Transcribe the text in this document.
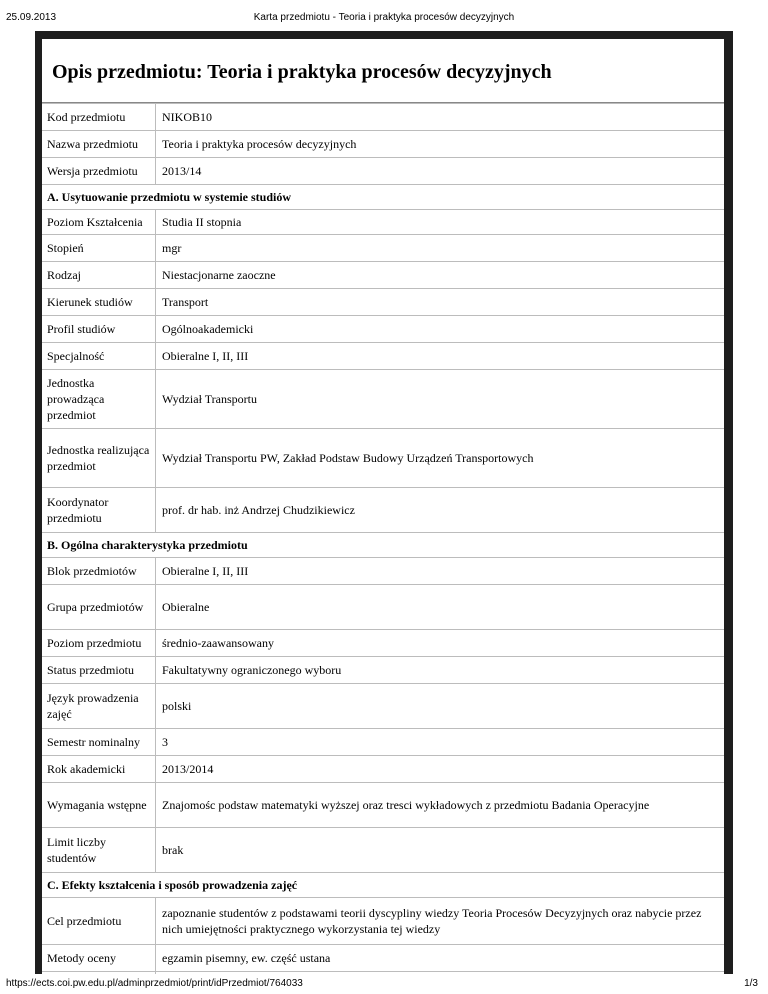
25.09.2013	Karta przedmiotu - Teoria i praktyka procesów decyzyjnych
Opis przedmiotu: Teoria i praktyka procesów decyzyjnych
Kod przedmiotu	NIKOB10
Nazwa przedmiotu	Teoria i praktyka procesów decyzyjnych
Wersja przedmiotu	2013/14
A. Usytuowanie przedmiotu w systemie studiów	
Poziom Kształcenia	Studia II stopnia
Stopień	mgr
Rodzaj	Niestacjonarne zaoczne
Kierunek studiów	Transport
Profil studiów	Ogólnoakademicki
Specjalność	Obieralne I, II, III
Jednostka prowadząca przedmiot	Wydział Transportu
Jednostka realizująca przedmiot	Wydział Transportu PW, Zakład Podstaw Budowy Urządzeń Transportowych
Koordynator przedmiotu	prof. dr hab. inż Andrzej Chudzikiewicz
B. Ogólna charakterystyka przedmiotu	
Blok przedmiotów	Obieralne I, II, III
Grupa przedmiotów	Obieralne
Poziom przedmiotu	średnio-zaawansowany
Status przedmiotu	Fakultatywny ograniczonego wyboru
Język prowadzenia zajęć	polski
Semestr nominalny	3
Rok akademicki	2013/2014
Wymagania wstępne	Znajomośc podstaw matematyki wyższej oraz tresci wykładowych z przedmiotu Badania Operacyjne
Limit liczby studentów	brak
C. Efekty kształcenia i sposób prowadzenia zajęć	
Cel przedmiotu	zapoznanie studentów z podstawami teorii dyscypliny wiedzy Teoria Procesów Decyzyjnych oraz nabycie przez nich umiejętności praktycznego wykorzystania tej wiedzy
Metody oceny	egzamin pisemny, ew. część ustana

https://ects.coi.pw.edu.pl/adminprzedmiot/print/idPrzedmiot/764033	1/3
